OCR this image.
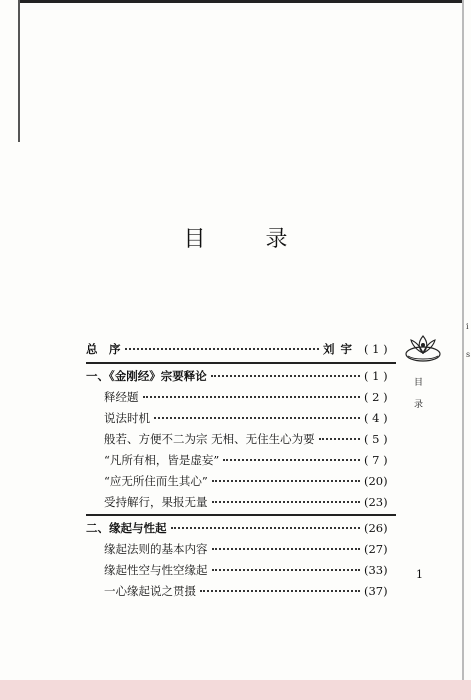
目	录
总　序	刘宇 ( 1 )
一、《金刚经》宗要释论	( 1 )
释经题	( 2 )
说法时机	( 4 )
般若、方便不二为宗 无相、无住生心为要	( 5 )
“凡所有相，皆是虚妄”	( 7 )
“应无所住而生其心”	(20)
受持解行，果报无量	(23)
二、缘起与性起	(26)
缘起法则的基本内容	(27)
缘起性空与性空缘起	(33)
一心缘起说之贯摄	(37)
目
录
1
i
s
